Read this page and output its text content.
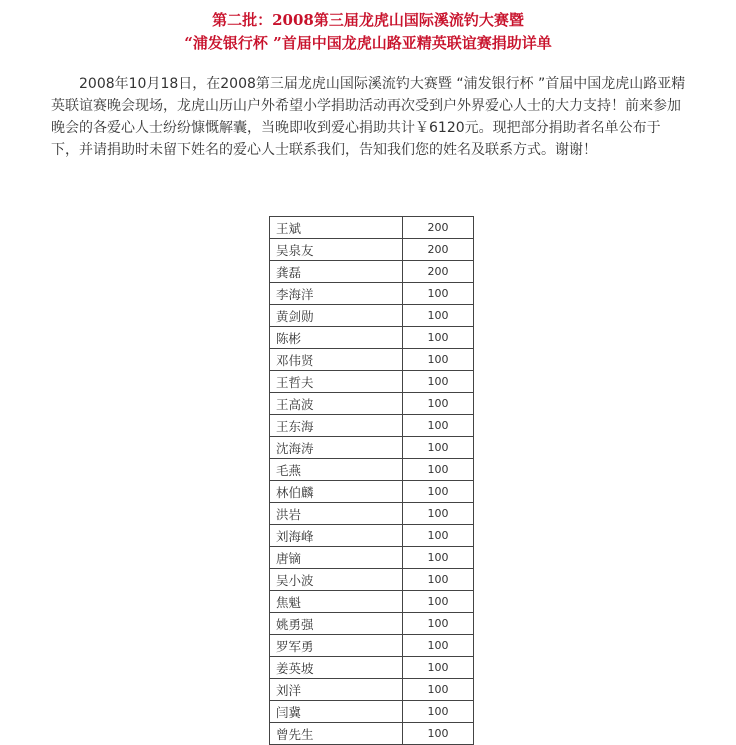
第二批：2008第三届龙虎山国际溪流钓大赛暨
“浦发银行杯 ”首届中国龙虎山路亚精英联谊赛捐助详单

2008年10月18日，在2008第三届龙虎山国际溪流钓大赛暨 “浦发银行杯 ”首届中国龙虎山路亚精英联谊赛晚会现场，龙虎山历山户外希望小学捐助活动再次受到户外界爱心人士的大力支持！前来参加晚会的各爱心人士纷纷慷慨解囊，当晚即收到爱心捐助共计￥6120元。现把部分捐助者名单公布于下，并请捐助时未留下姓名的爱心人士联系我们，告知我们您的姓名及联系方式。谢谢！

王斌	200
吴泉友	200
龚磊	200
李海洋	100
黄剑勋	100
陈彬	100
邓伟贤	100
王哲夫	100
王高波	100
王东海	100
沈海涛	100
毛燕	100
林伯麟	100
洪岩	100
刘海峰	100
唐镝	100
吴小波	100
焦魁	100
姚勇强	100
罗军勇	100
姜英坡	100
刘洋	100
闫冀	100
曾先生	100
